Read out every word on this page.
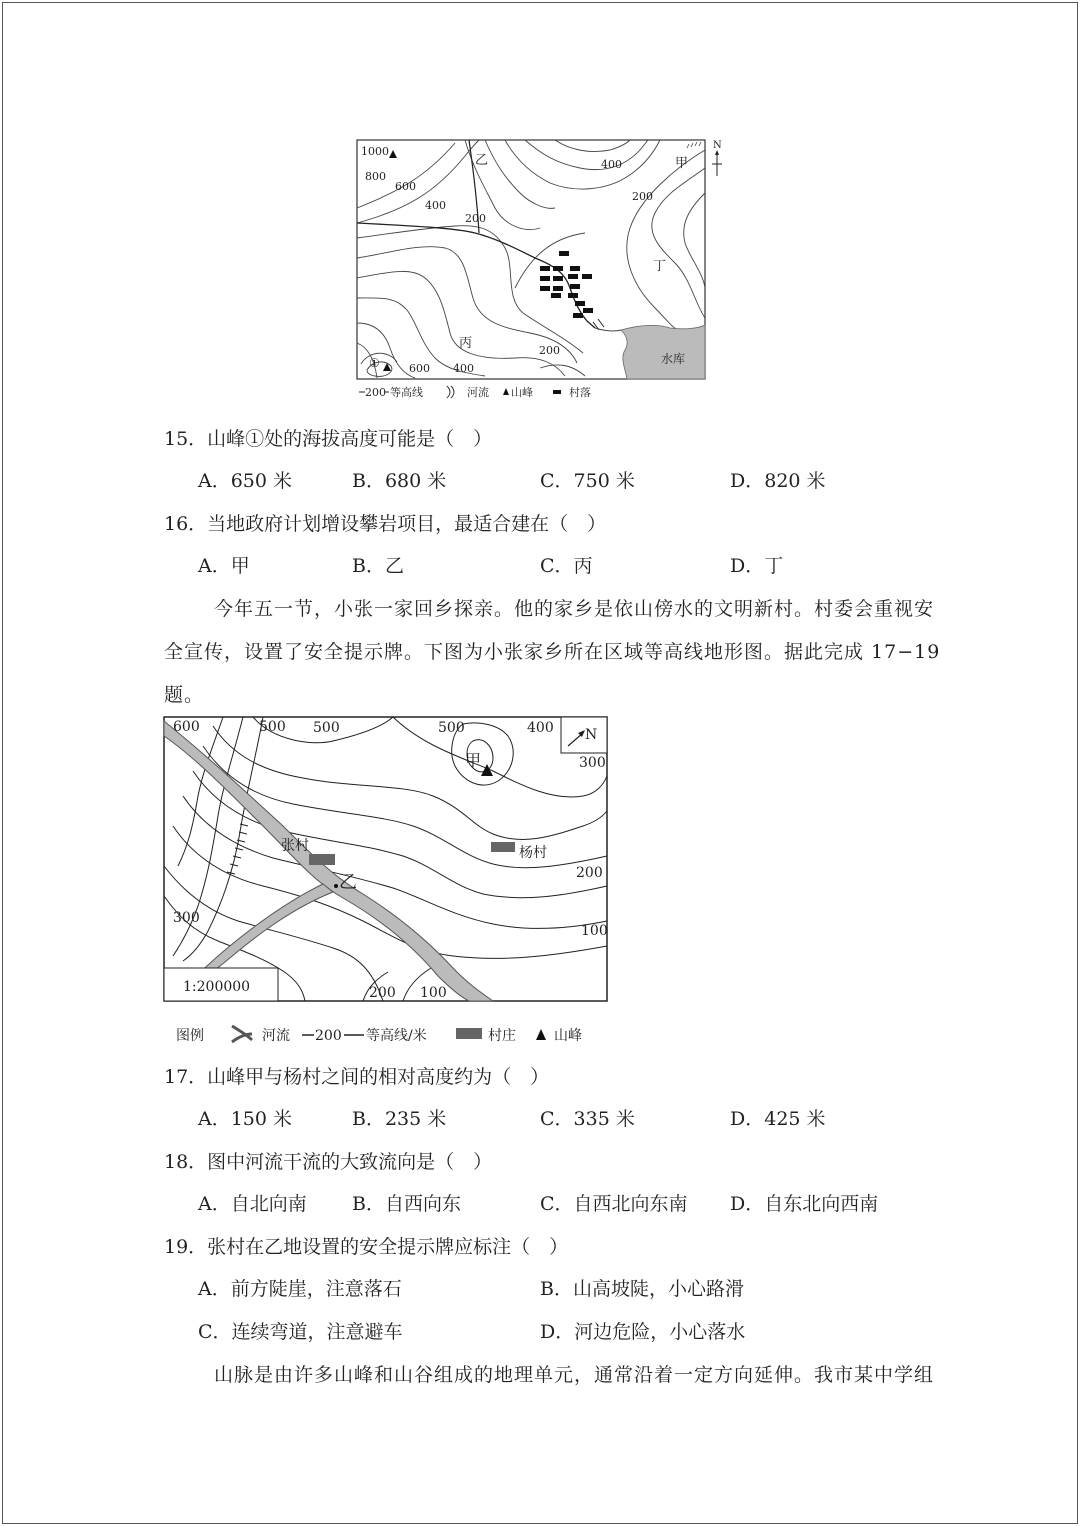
1000
800
600
400
200
乙	400	甲
200
丁
N
丙	200
①	600 400
水库
200 等高线	河流 山峰	村落
15．山峰①处的海拔高度可能是（　）
A．650 米	B．680 米	C．750 米	D．820 米
16．当地政府计划增设攀岩项目，最适合建在（　）
A．甲	B．乙	C．丙	D．丁
今年五一节，小张一家回乡探亲。他的家乡是依山傍水的文明新村。村委会重视安
全宣传，设置了安全提示牌。下图为小张家乡所在区域等高线地形图。据此完成 17−19
题。
600	500 500	500	400 N
甲	300
张村	杨村
乙	200
300
100
1:200000	200 100
图例	河流 200 等高线/米	村庄	山峰
17．山峰甲与杨村之间的相对高度约为（　）
A．150 米	B．235 米	C．335 米	D．425 米
18．图中河流干流的大致流向是（　）
A．自北向南 B．自西向东	C．自西北向东南 D．自东北向西南
19．张村在乙地设置的安全提示牌应标注（　）
A．前方陡崖，注意落石	B．山高坡陡，小心路滑
C．连续弯道，注意避车	D．河边危险，小心落水
山脉是由许多山峰和山谷组成的地理单元，通常沿着一定方向延伸。我市某中学组
